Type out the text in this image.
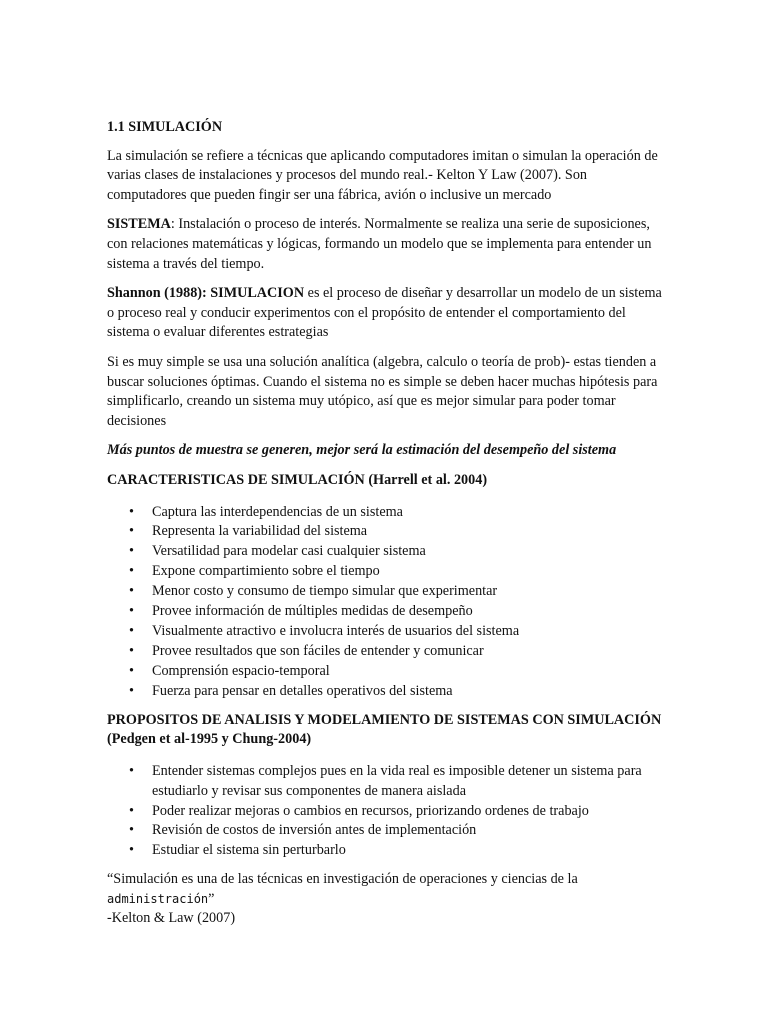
1.1 SIMULACIÓN

La simulación se refiere a técnicas que aplicando computadores imitan o simulan la operación de varias clases de instalaciones y procesos del mundo real.- Kelton Y Law (2007). Son computadores que pueden fingir ser una fábrica, avión o inclusive un mercado

SISTEMA: Instalación o proceso de interés. Normalmente se realiza una serie de suposiciones, con relaciones matemáticas y lógicas, formando un modelo que se implementa para entender un sistema a través del tiempo.

Shannon (1988): SIMULACION es el proceso de diseñar y desarrollar un modelo de un sistema o proceso real y conducir experimentos con el propósito de entender el comportamiento del sistema o evaluar diferentes estrategias

Si es muy simple se usa una solución analítica (algebra, calculo o teoría de prob)- estas tienden a buscar soluciones óptimas. Cuando el sistema no es simple se deben hacer muchas hipótesis para simplificarlo, creando un sistema muy utópico, así que es mejor simular para poder tomar decisiones

Más puntos de muestra se generen, mejor será la estimación del desempeño del sistema

CARACTERISTICAS DE SIMULACIÓN (Harrell et al. 2004)

• Captura las interdependencias de un sistema
• Representa la variabilidad del sistema
• Versatilidad para modelar casi cualquier sistema
• Expone compartimiento sobre el tiempo
• Menor costo y consumo de tiempo simular que experimentar
• Provee información de múltiples medidas de desempeño
• Visualmente atractivo e involucra interés de usuarios del sistema
• Provee resultados que son fáciles de entender y comunicar
• Comprensión espacio-temporal
• Fuerza para pensar en detalles operativos del sistema

PROPOSITOS DE ANALISIS Y MODELAMIENTO DE SISTEMAS CON SIMULACIÓN (Pedgen et al-1995 y Chung-2004)

• Entender sistemas complejos pues en la vida real es imposible detener un sistema para estudiarlo y revisar sus componentes de manera aislada
• Poder realizar mejoras o cambios en recursos, priorizando ordenes de trabajo
• Revisión de costos de inversión antes de implementación
• Estudiar el sistema sin perturbarlo

“Simulación es una de las técnicas en investigación de operaciones y ciencias de la administración”
-Kelton & Law (2007)
